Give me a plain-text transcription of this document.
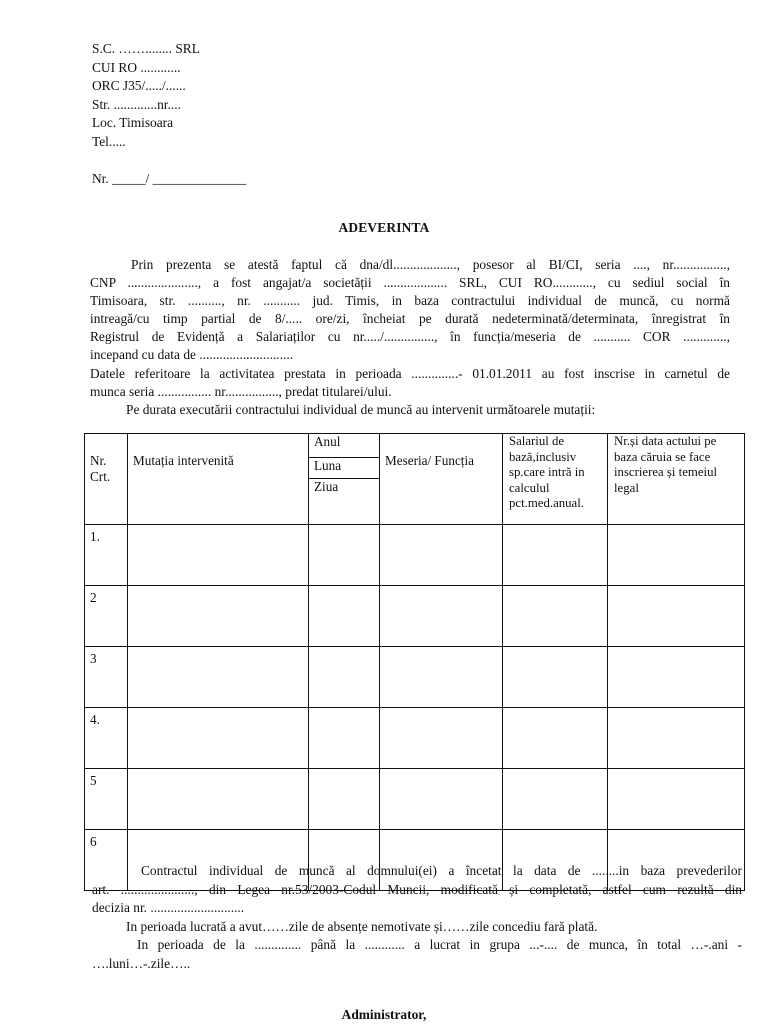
S.C. ……........ SRL
CUI RO ............
ORC J35/...../......
Str. .............nr....
Loc. Timisoara
Tel.....
Nr. _____/ ______________
ADEVERINTA
Prin prezenta se atestă faptul că dna/dl..................., posesor al BI/CI, seria ...., nr................,
CNP ....................., a fost angajat/a societății ................... SRL, CUI RO............, cu sediul social în
Timisoara, str. .........., nr. ........... jud. Timis, in baza contractului individual de muncă, cu normă
intreagă/cu timp partial de 8/..... ore/zi, încheiat pe durată nedeterminată/determinata, înregistrat în
Registrul de Evidență a Salariaților cu nr...../..............., în funcția/meseria de ........... COR .............,
incepand cu data de ............................
Datele referitoare la activitatea prestata in perioada ..............- 01.01.2011 au fost inscrise in carnetul de
munca seria ................ nr................, predat titularei/ului.
Pe durata executării contractului individual de muncă au intervenit următoarele mutații:
Nr. Crt.	Mutația intervenită	Anul	Meseria/ Funcția	Salariul de bază,inclusiv sp.care intră in calculul pct.med.anual.	Nr.și data actului pe baza căruia se face inscrierea și temeiul legal
		Luna			
		Ziua			
1.					
2					
3					
4.					
5					
6					
Contractul individual de muncă al domnului(ei) a încetat la data de ........in baza prevederilor
art. ......................, din Legea nr.53/2003-Codul Muncii, modificată și completată, astfel cum rezultă din
decizia nr. ............................
In perioada lucrată a avut……zile de absențe nemotivate și……zile concediu fară plată.
In perioada de la .............. până la ............ a lucrat in grupa ...-.... de munca, în total …-.ani -
….luni…-.zile…..
Administrator,
